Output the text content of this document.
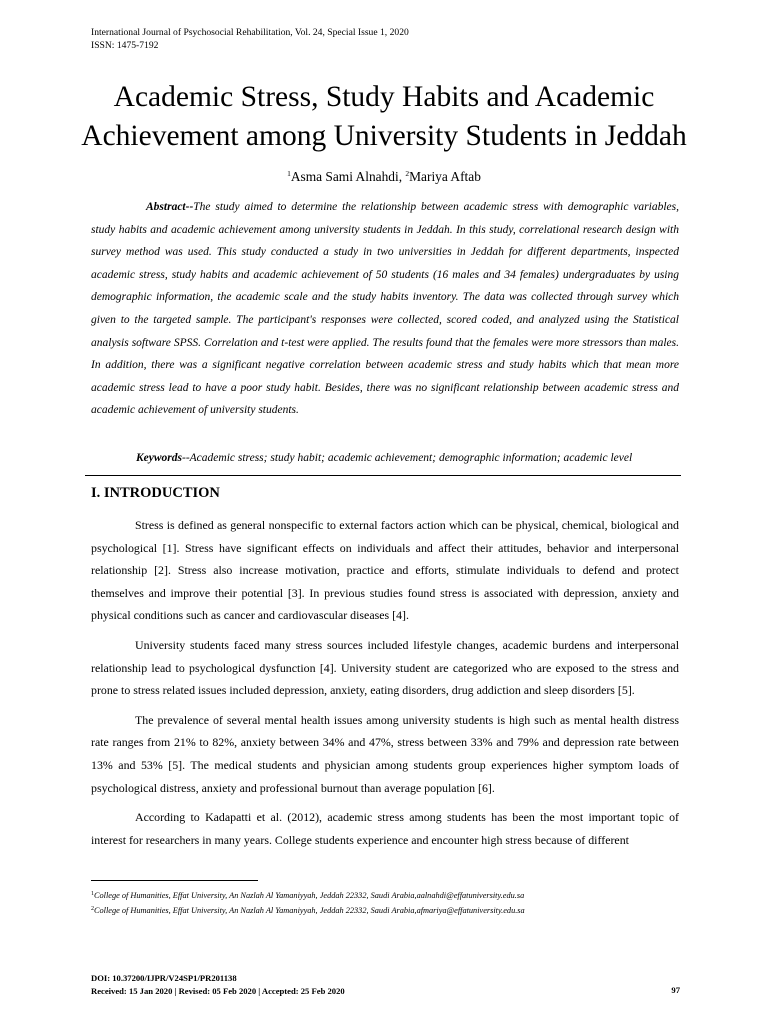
International Journal of Psychosocial Rehabilitation, Vol. 24, Special Issue 1, 2020
ISSN: 1475-7192
Academic Stress, Study Habits and Academic
Achievement among University Students in Jeddah
$^1$Asma Sami Alnahdi, $^2$Mariya Aftab
Abstract--The study aimed to determine the relationship between academic stress with demographic variables, study habits and academic achievement among university students in Jeddah. In this study, correlational research design with survey method was used. This study conducted a study in two universities in Jeddah for different departments, inspected academic stress, study habits and academic achievement of 50 students (16 males and 34 females) undergraduates by using demographic information, the academic scale and the study habits inventory. The data was collected through survey which given to the targeted sample. The participant's responses were collected, scored coded, and analyzed using the Statistical analysis software SPSS. Correlation and t-test were applied. The results found that the females were more stressors than males. In addition, there was a significant negative correlation between academic stress and study habits which that mean more academic stress lead to have a poor study habit. Besides, there was no significant relationship between academic stress and academic achievement of university students.
Keywords--Academic stress; study habit; academic achievement; demographic information; academic level
I. INTRODUCTION

Stress is defined as general nonspecific to external factors action which can be physical, chemical, biological and psychological [1]. Stress have significant effects on individuals and affect their attitudes, behavior and interpersonal relationship [2]. Stress also increase motivation, practice and efforts, stimulate individuals to defend and protect themselves and improve their potential [3]. In previous studies found stress is associated with depression, anxiety and physical conditions such as cancer and cardiovascular diseases [4].

University students faced many stress sources included lifestyle changes, academic burdens and interpersonal relationship lead to psychological dysfunction [4]. University student are categorized who are exposed to the stress and prone to stress related issues included depression, anxiety, eating disorders, drug addiction and sleep disorders [5].

The prevalence of several mental health issues among university students is high such as mental health distress rate ranges from 21% to 82%, anxiety between 34% and 47%, stress between 33% and 79% and depression rate between 13% and 53% [5]. The medical students and physician among students group experiences higher symptom loads of psychological distress, anxiety and professional burnout than average population [6].

According to Kadapatti et al. (2012), academic stress among students has been the most important topic of interest for researchers in many years. College students experience and encounter high stress because of different

$^1$College of Humanities, Effat University, An Nazlah Al Yamaniyyah, Jeddah 22332, Saudi Arabia,aalnahdi@effatuniversity.edu.sa
$^2$College of Humanities, Effat University, An Nazlah Al Yamaniyyah, Jeddah 22332, Saudi Arabia,afmariya@effatuniversity.edu.sa
DOI: 10.37200/IJPR/V24SP1/PR201138
Received: 15 Jan 2020 | Revised: 05 Feb 2020 | Accepted: 25 Feb 2020	97
